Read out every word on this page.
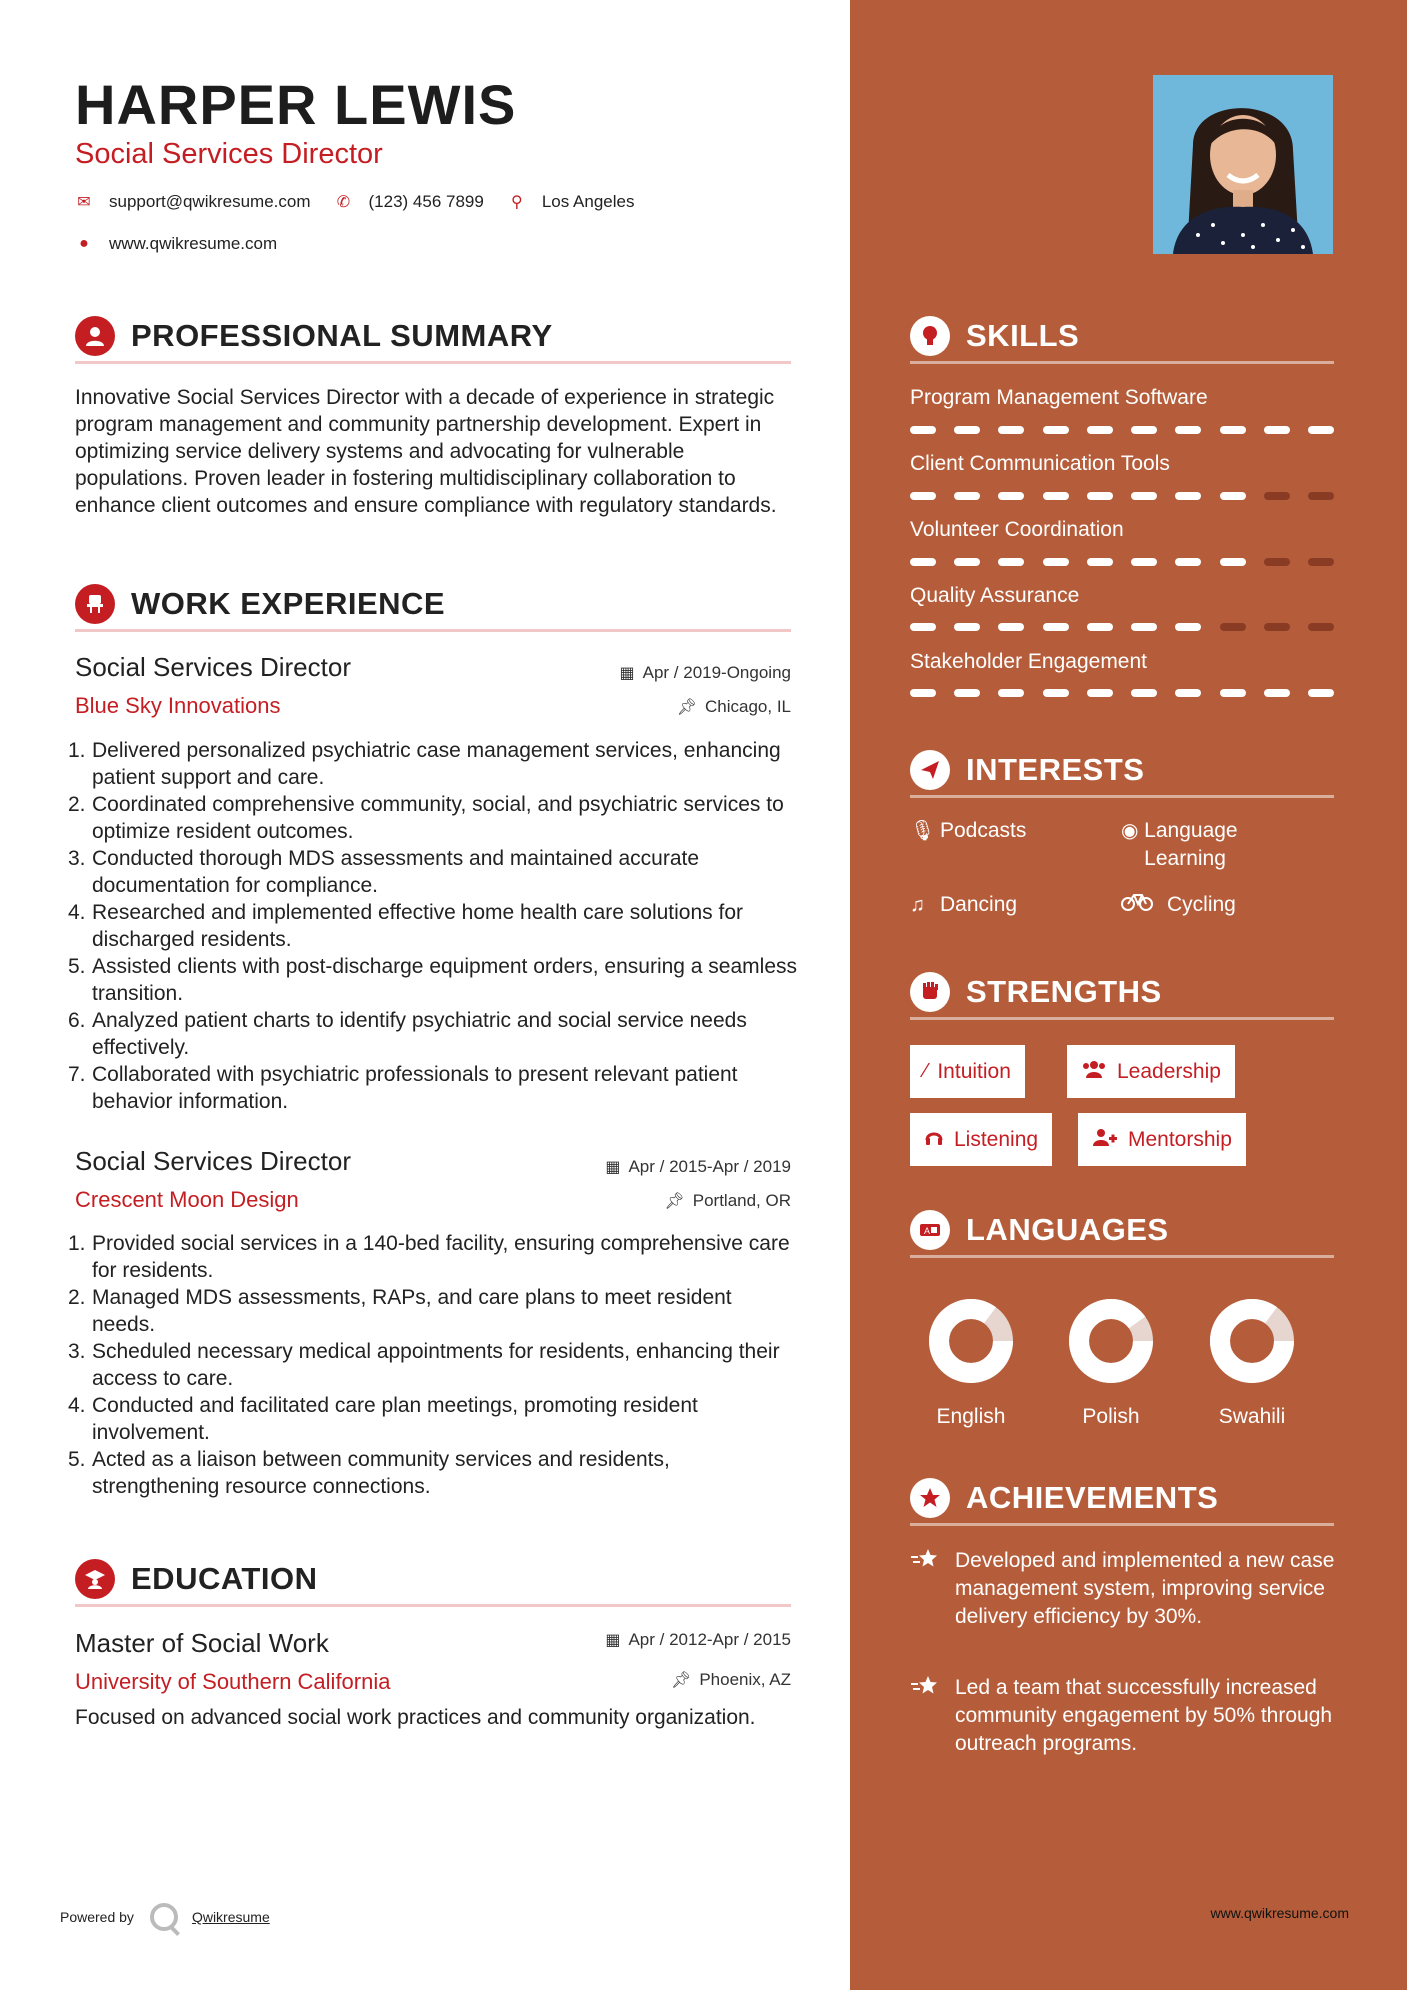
HARPER LEWIS
Social Services Director
✉ support@qwikresume.com ✆ (123) 456 7899 ⚲ Los Angeles
● www.qwikresume.com
PROFESSIONAL SUMMARY
Innovative Social Services Director with a decade of experience in strategic program management and community partnership development. Expert in optimizing service delivery systems and advocating for vulnerable populations. Proven leader in fostering multidisciplinary collaboration to enhance client outcomes and ensure compliance with regulatory standards.
WORK EXPERIENCE
Social Services Director
Blue Sky Innovations
▦ Apr / 2019-Ongoing
📌︎ Chicago, IL
1. Delivered personalized psychiatric case management services, enhancing patient support and care.
2. Coordinated comprehensive community, social, and psychiatric services to optimize resident outcomes.
3. Conducted thorough MDS assessments and maintained accurate documentation for compliance.
4. Researched and implemented effective home health care solutions for discharged residents.
5. Assisted clients with post-discharge equipment orders, ensuring a seamless transition.
6. Analyzed patient charts to identify psychiatric and social service needs effectively.
7. Collaborated with psychiatric professionals to present relevant patient behavior information.
Social Services Director
Crescent Moon Design
▦ Apr / 2015-Apr / 2019
📌︎ Portland, OR
1. Provided social services in a 140-bed facility, ensuring comprehensive care for residents.
2. Managed MDS assessments, RAPs, and care plans to meet resident needs.
3. Scheduled necessary medical appointments for residents, enhancing their access to care.
4. Conducted and facilitated care plan meetings, promoting resident involvement.
5. Acted as a liaison between community services and residents, strengthening resource connections.
EDUCATION
Master of Social Work
University of Southern California
▦ Apr / 2012-Apr / 2015
📌︎ Phoenix, AZ
Focused on advanced social work practices and community organization.
Powered by	Qwikresume	www.qwikresume.com
SKILLS
Program Management Software
Client Communication Tools
Volunteer Coordination
Quality Assurance
Stakeholder Engagement
INTERESTS
🎙︎ Podcasts	◉ Language Learning
♫ Dancing	Cycling
STRENGTHS
⁄ Intuition	Leadership
Listening	Mentorship
A LANGUAGES
English	Polish	Swahili
ACHIEVEMENTS
Developed and implemented a new case management system, improving service delivery efficiency by 30%.
Led a team that successfully increased community engagement by 50% through outreach programs.
